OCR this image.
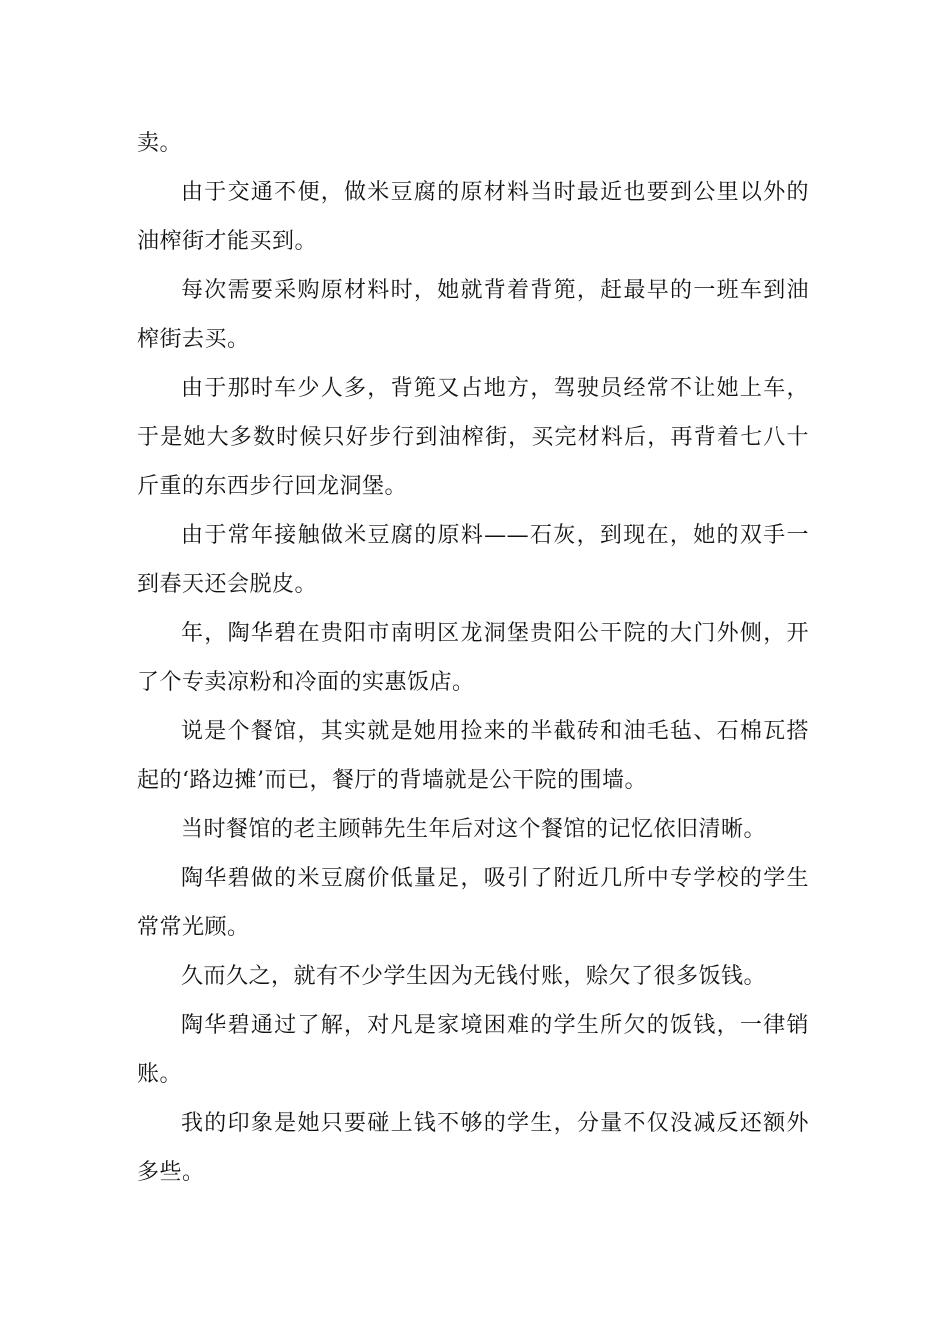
卖。

由于交通不便，做米豆腐的原材料当时最近也要到公里以外的油榨街才能买到。

每次需要采购原材料时，她就背着背篼，赶最早的一班车到油榨街去买。

由于那时车少人多，背篼又占地方，驾驶员经常不让她上车，于是她大多数时候只好步行到油榨街，买完材料后，再背着七八十斤重的东西步行回龙洞堡。

由于常年接触做米豆腐的原料——石灰，到现在，她的双手一到春天还会脱皮。

年，陶华碧在贵阳市南明区龙洞堡贵阳公干院的大门外侧，开了个专卖凉粉和冷面的实惠饭店。

说是个餐馆，其实就是她用捡来的半截砖和油毛毡、石棉瓦搭起的‘路边摊’而已，餐厅的背墙就是公干院的围墙。

当时餐馆的老主顾韩先生年后对这个餐馆的记忆依旧清晰。

陶华碧做的米豆腐价低量足，吸引了附近几所中专学校的学生常常光顾。

久而久之，就有不少学生因为无钱付账，赊欠了很多饭钱。

陶华碧通过了解，对凡是家境困难的学生所欠的饭钱，一律销账。

我的印象是她只要碰上钱不够的学生，分量不仅没减反还额外多些。
